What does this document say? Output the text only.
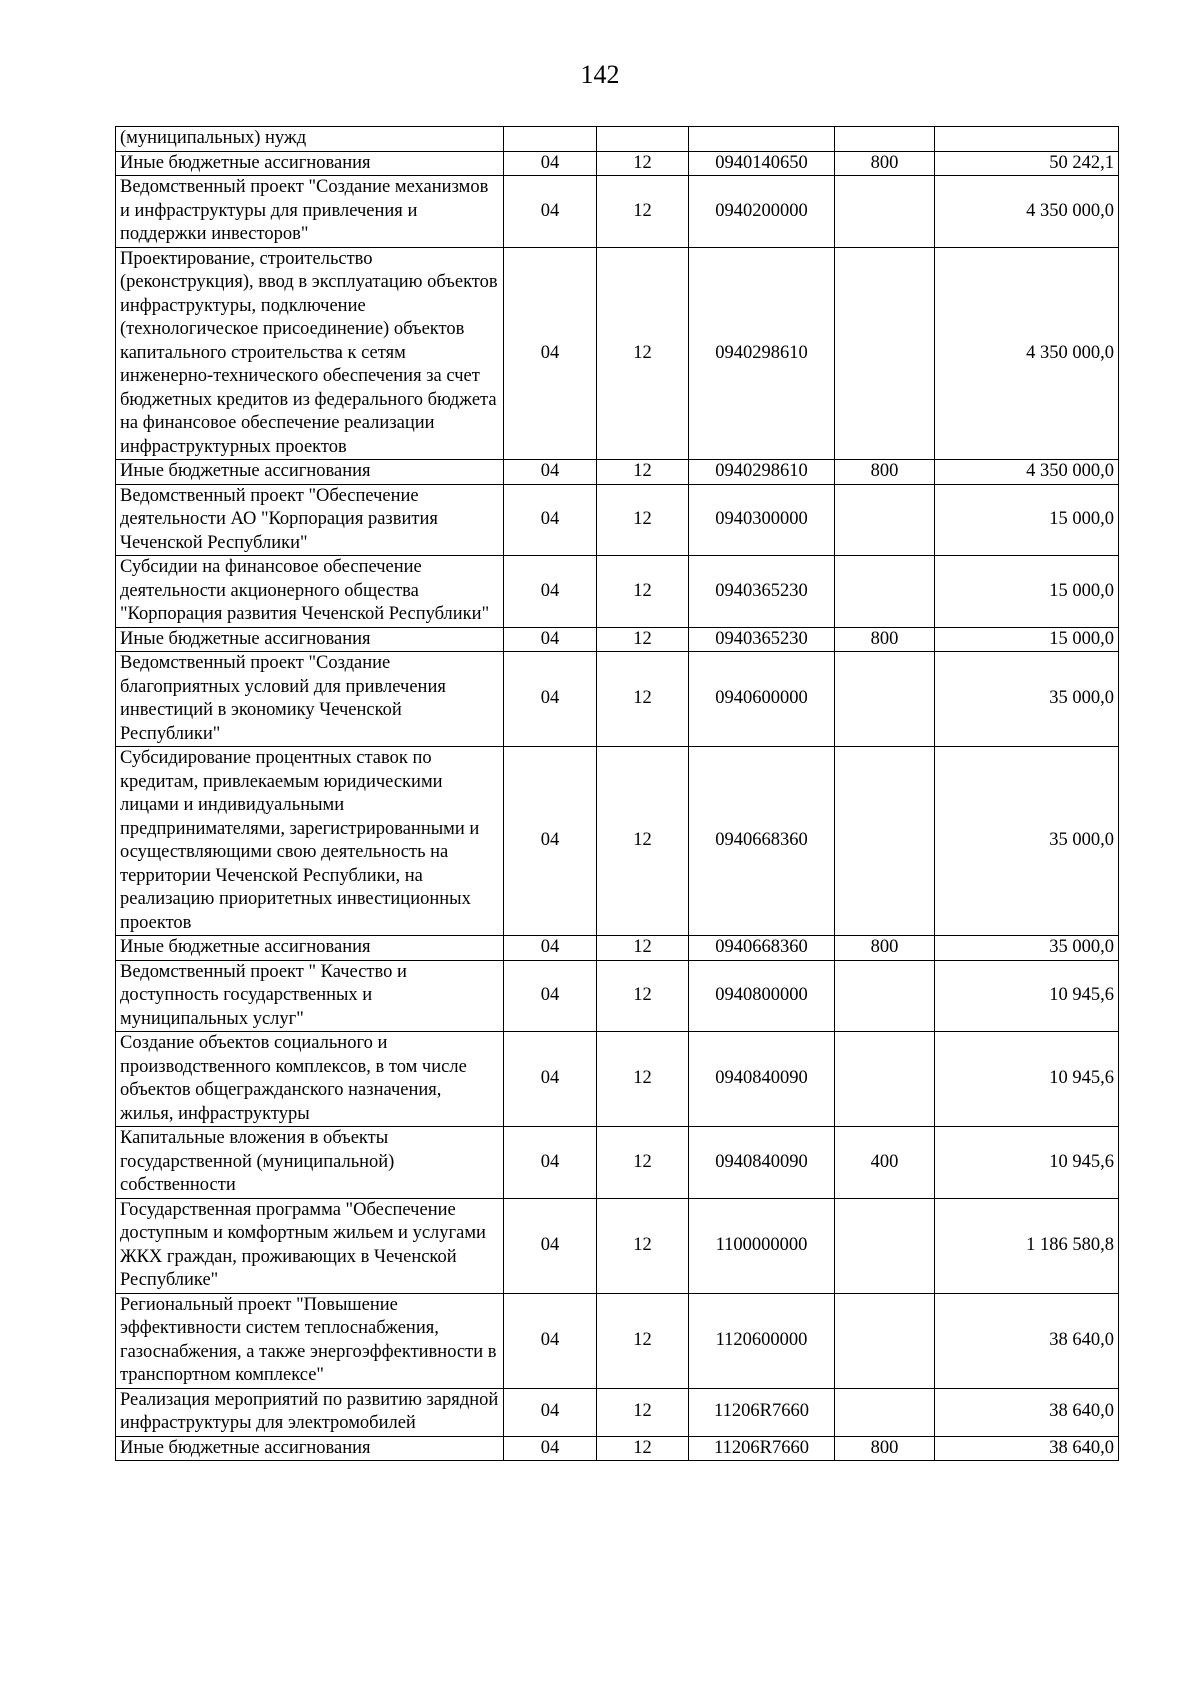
142
(муниципальных) нужд					
Иные бюджетные ассигнования	04	12	0940140650	800	50 242,1
Ведомственный проект "Создание механизмов и инфраструктуры для привлечения и поддержки инвесторов"	04	12	0940200000		4 350 000,0
Проектирование, строительство (реконструкция), ввод в эксплуатацию объектов инфраструктуры, подключение (технологическое присоединение) объектов капитального строительства к сетям инженерно-технического обеспечения за счет бюджетных кредитов из федерального бюджета на финансовое обеспечение реализации инфраструктурных проектов	04	12	0940298610		4 350 000,0
Иные бюджетные ассигнования	04	12	0940298610	800	4 350 000,0
Ведомственный проект "Обеспечение деятельности АО "Корпорация развития Чеченской Республики"	04	12	0940300000		15 000,0
Субсидии на финансовое обеспечение деятельности акционерного общества "Корпорация развития Чеченской Республики"	04	12	0940365230		15 000,0
Иные бюджетные ассигнования	04	12	0940365230	800	15 000,0
Ведомственный проект "Создание благоприятных условий для привлечения инвестиций в экономику Чеченской Республики"	04	12	0940600000		35 000,0
Субсидирование процентных ставок по кредитам, привлекаемым юридическими лицами и индивидуальными предпринимателями, зарегистрированными и осуществляющими свою деятельность на территории Чеченской Республики, на реализацию приоритетных инвестиционных проектов	04	12	0940668360		35 000,0
Иные бюджетные ассигнования	04	12	0940668360	800	35 000,0
Ведомственный проект " Качество и доступность государственных и муниципальных услуг"	04	12	0940800000		10 945,6
Создание объектов социального и производственного комплексов, в том числе объектов общегражданского назначения, жилья, инфраструктуры	04	12	0940840090		10 945,6
Капитальные вложения в объекты государственной (муниципальной) собственности	04	12	0940840090	400	10 945,6
Государственная программа "Обеспечение доступным и комфортным жильем и услугами ЖКХ граждан, проживающих в Чеченской Республике"	04	12	1100000000		1 186 580,8
Региональный проект "Повышение эффективности систем теплоснабжения, газоснабжения, а также энергоэффективности в транспортном комплексе"	04	12	1120600000		38 640,0
Реализация мероприятий по развитию зарядной инфраструктуры для электромобилей	04	12	11206R7660		38 640,0
Иные бюджетные ассигнования	04	12	11206R7660	800	38 640,0
